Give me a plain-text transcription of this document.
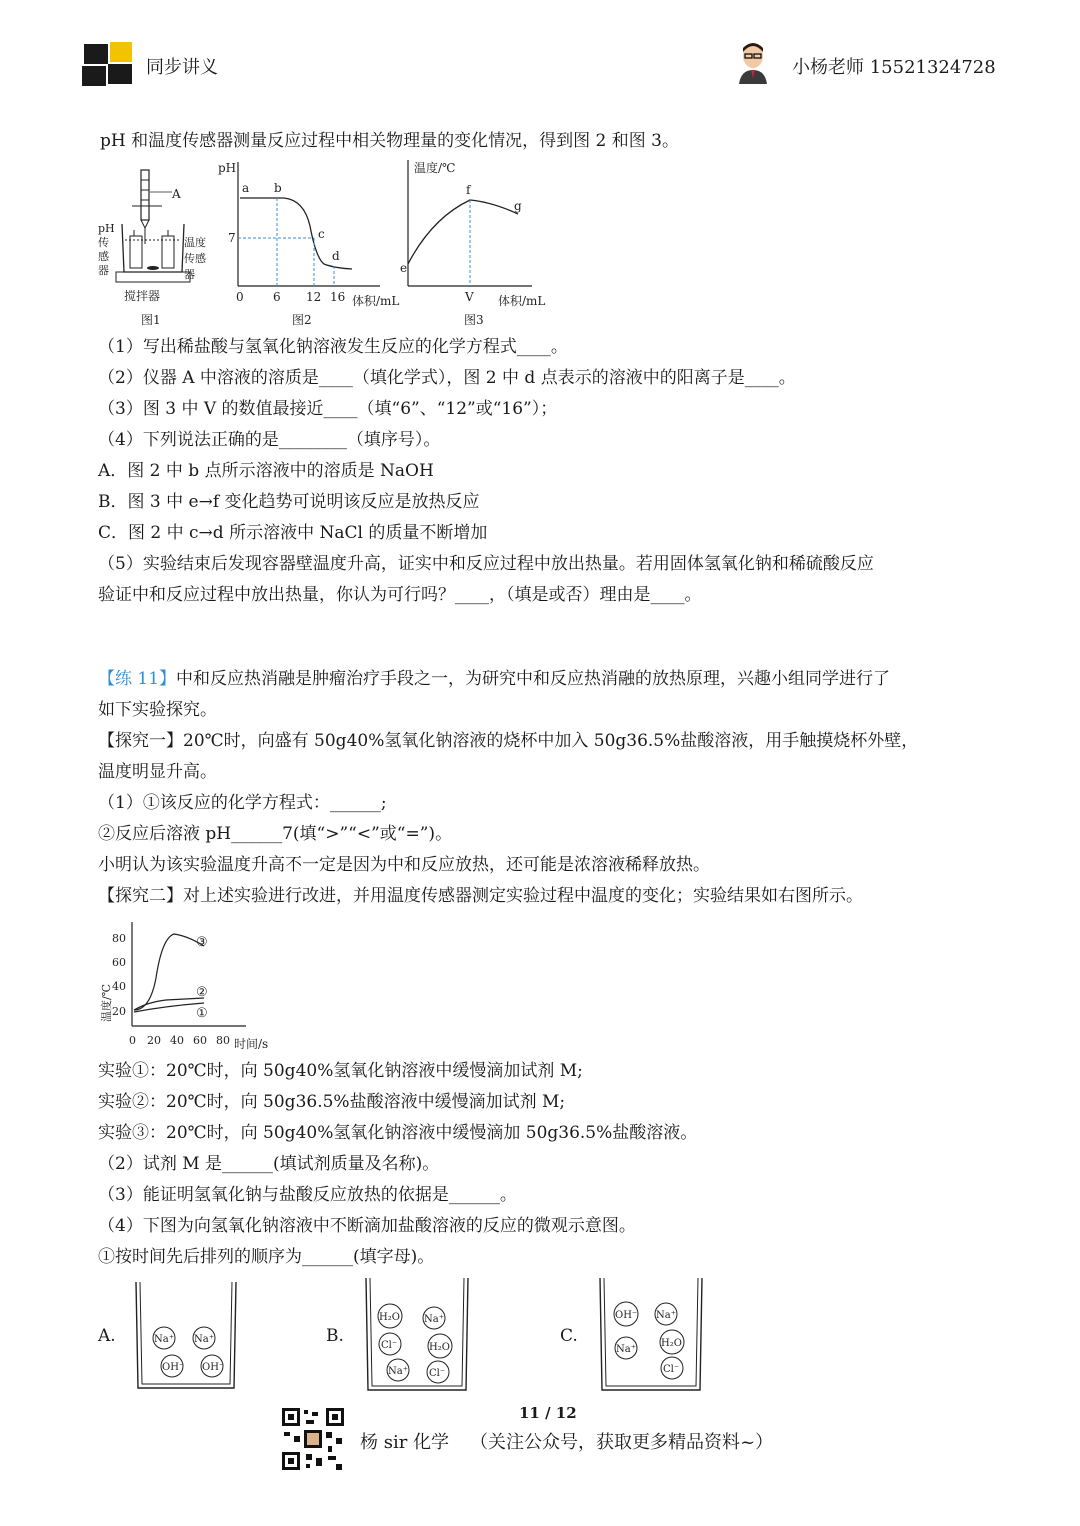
同步讲义	小杨老师 15521324728
pH 和温度传感器测量反应过程中相关物理量的变化情况，得到图 2 和图 3。
A
pH
传
感
器
温度
传感
器
搅拌器
图1
pH
7
a b
c
d
0 6 12 16 体积/mL
图2
温度/℃
e
f
g
V 体积/mL
图3
（1）写出稀盐酸与氢氧化钠溶液发生反应的化学方程式____。
（2）仪器 A 中溶液的溶质是____（填化学式），图 2 中 d 点表示的溶液中的阳离子是____。
（3）图 3 中 V 的数值最接近____（填“6”、“12”或“16”）；
（4）下列说法正确的是________（填序号）。
A．图 2 中 b 点所示溶液中的溶质是 NaOH
B．图 3 中 e→f 变化趋势可说明该反应是放热反应
C．图 2 中 c→d 所示溶液中 NaCl 的质量不断增加
（5）实验结束后发现容器壁温度升高，证实中和反应过程中放出热量。若用固体氢氧化钠和稀硫酸反应
验证中和反应过程中放出热量，你认为可行吗？____，（填是或否）理由是____。
【练 11】中和反应热消融是肿瘤治疗手段之一，为研究中和反应热消融的放热原理，兴趣小组同学进行了
如下实验探究。
【探究一】20℃时，向盛有 50g40%氢氧化钠溶液的烧杯中加入 50g36.5%盐酸溶液，用手触摸烧杯外壁，
温度明显升高。
（1）①该反应的化学方程式：______;
②反应后溶液 pH______7(填“>”“<”或“=”)。
小明认为该实验温度升高不一定是因为中和反应放热，还可能是浓溶液稀释放热。
【探究二】对上述实验进行改进，并用温度传感器测定实验过程中温度的变化；实验结果如右图所示。
温度/℃
80
60
40
20
0 20 40 60 80 时间/s
③
②
①
实验①：20℃时，向 50g40%氢氧化钠溶液中缓慢滴加试剂 M;
实验②：20℃时，向 50g36.5%盐酸溶液中缓慢滴加试剂 M;
实验③：20℃时，向 50g40%氢氧化钠溶液中缓慢滴加 50g36.5%盐酸溶液。
（2）试剂 M 是______(填试剂质量及名称)。
（3）能证明氢氧化钠与盐酸反应放热的依据是______。
（4）下图为向氢氧化钠溶液中不断滴加盐酸溶液的反应的微观示意图。
①按时间先后排列的顺序为______(填字母)。
A.	Na⁺ Na⁺
OH⁻ OH⁻
B.
H₂O Na⁺
Cl⁻	H₂O
Na⁺ Cl⁻
C.
OH⁻ Na⁺
Na⁺
H₂O
Cl⁻
11 / 12
杨 sir 化学 （关注公众号，获取更多精品资料~）
